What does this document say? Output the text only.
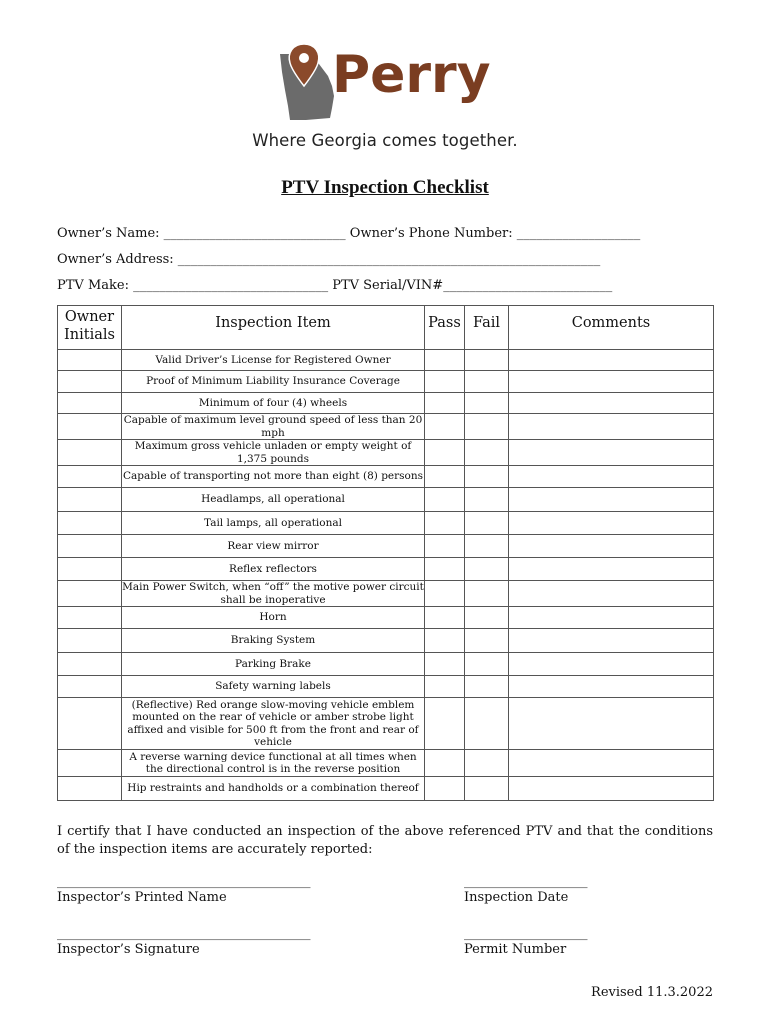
Perry
Where Georgia comes together.
PTV Inspection Checklist
Owner’s Name: ____________________________ Owner’s Phone Number: ___________________
Owner’s Address: _________________________________________________________________
PTV Make: ______________________________ PTV Serial/VIN#__________________________
Owner
Initials	Inspection Item	Pass	Fail	Comments
	Valid Driver’s License for Registered Owner			
	Proof of Minimum Liability Insurance Coverage			
	Minimum of four (4) wheels			
	Capable of maximum level ground speed of less than 20 mph			
	Maximum gross vehicle unladen or empty weight of 1,375 pounds			
	Capable of transporting not more than eight (8) persons			
	Headlamps, all operational			
	Tail lamps, all operational			
	Rear view mirror			
	Reflex reflectors			
	Main Power Switch, when “off” the motive power circuit shall be inoperative			
	Horn			
	Braking System			
	Parking Brake			
	Safety warning labels			
	(Reflective) Red orange slow-moving vehicle emblem mounted on the rear of vehicle or amber strobe light affixed and visible for 500 ft from the front and rear of vehicle			
	A reverse warning device functional at all times when the directional control is in the reverse position			
	Hip restraints and handholds or a combination thereof			
I certify that I have conducted an inspection of the above referenced PTV and that the conditions of the inspection items are accurately reported:
_______________________________________
Inspector’s Printed Name
___________________
Inspection Date
_______________________________________
Inspector’s Signature
___________________
Permit Number
Revised 11.3.2022
